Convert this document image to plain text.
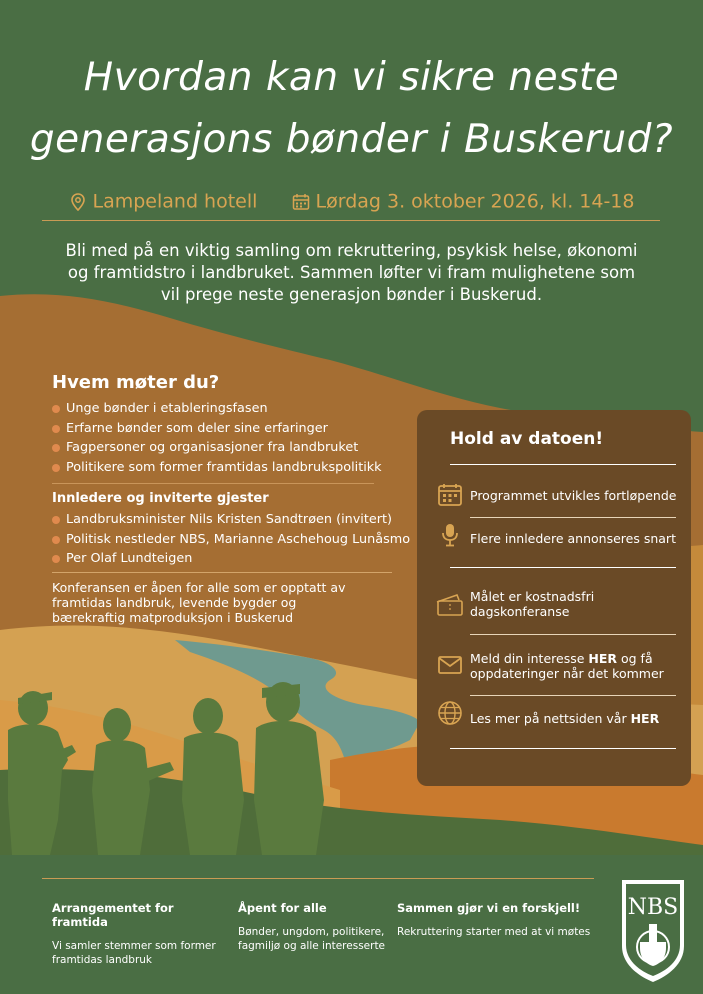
Hvordan kan vi sikre neste
generasjons bønder i Buskerud?
Lampeland hotell	Lørdag 3. oktober 2026, kl. 14-18
Bli med på en viktig samling om rekruttering, psykisk helse, økonomi og framtidstro i landbruket. Sammen løfter vi fram mulighetene som vil prege neste generasjon bønder i Buskerud.
Hvem møter du?
Unge bønder i etableringsfasen
Erfarne bønder som deler sine erfaringer
Fagpersoner og organisasjoner fra landbruket
Politikere som former framtidas landbrukspolitikk
Innledere og inviterte gjester
Landbruksminister Nils Kristen Sandtrøen (invitert)
Politisk nestleder NBS, Marianne Aschehoug Lunåsmo
Per Olaf Lundteigen
Konferansen er åpen for alle som er opptatt av framtidas landbruk, levende bygder og bærekraftig matproduksjon i Buskerud
Hold av datoen!
Programmet utvikles fortløpende
Flere innledere annonseres snart
Målet er kostnadsfri dagskonferanse
Meld din interesse HER og få oppdateringer når det kommer
Les mer på nettsiden vår HER
Arrangementet for framtida
Vi samler stemmer som former
framtidas landbruk
Åpent for alle
Bønder, ungdom, politikere,
fagmiljø og alle interesserte
Sammen gjør vi en forskjell!
Rekruttering starter med at vi møtes
NBS
